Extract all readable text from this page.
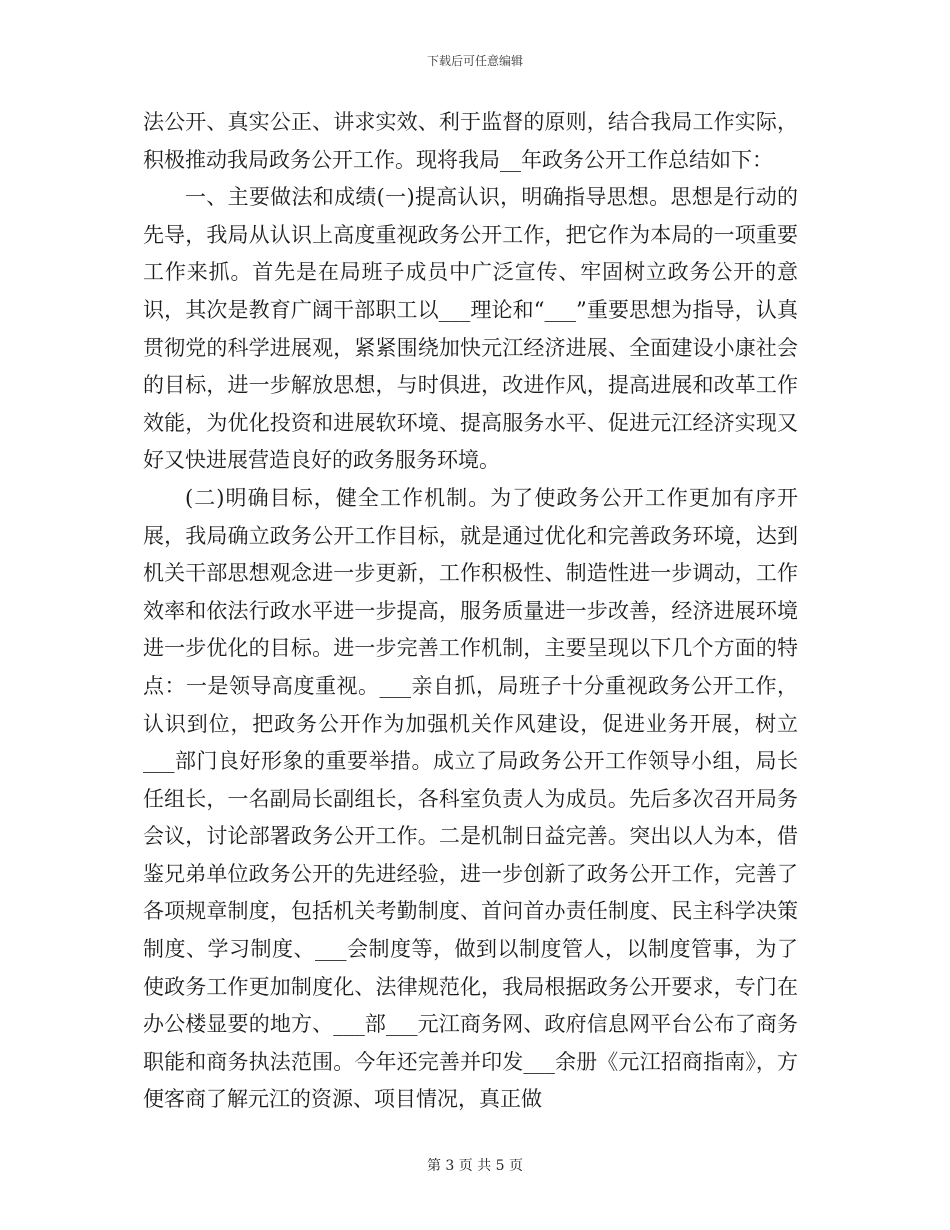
下载后可任意编辑

法公开、真实公正、讲求实效、利于监督的原则，结合我局工作实际，积极推动我局政务公开工作。现将我局__年政务公开工作总结如下：

一、主要做法和成绩(一)提高认识，明确指导思想。思想是行动的先导，我局从认识上高度重视政务公开工作，把它作为本局的一项重要工作来抓。首先是在局班子成员中广泛宣传、牢固树立政务公开的意识，其次是教育广阔干部职工以___理论和“___”重要思想为指导，认真贯彻党的科学进展观，紧紧围绕加快元江经济进展、全面建设小康社会的目标，进一步解放思想，与时俱进，改进作风，提高进展和改革工作效能，为优化投资和进展软环境、提高服务水平、促进元江经济实现又好又快进展营造良好的政务服务环境。

(二)明确目标，健全工作机制。为了使政务公开工作更加有序开展，我局确立政务公开工作目标，就是通过优化和完善政务环境，达到机关干部思想观念进一步更新，工作积极性、制造性进一步调动，工作效率和依法行政水平进一步提高，服务质量进一步改善，经济进展环境进一步优化的目标。进一步完善工作机制，主要呈现以下几个方面的特点：一是领导高度重视。___亲自抓，局班子十分重视政务公开工作，认识到位，把政务公开作为加强机关作风建设，促进业务开展，树立___部门良好形象的重要举措。成立了局政务公开工作领导小组，局长任组长，一名副局长副组长，各科室负责人为成员。先后多次召开局务会议，讨论部署政务公开工作。二是机制日益完善。突出以人为本，借鉴兄弟单位政务公开的先进经验，进一步创新了政务公开工作，完善了各项规章制度，包括机关考勤制度、首问首办责任制度、民主科学决策制度、学习制度、___会制度等，做到以制度管人，以制度管事，为了使政务工作更加制度化、法律规范化，我局根据政务公开要求，专门在办公楼显要的地方、___部___元江商务网、政府信息网平台公布了商务职能和商务执法范围。今年还完善并印发___余册《元江招商指南》，方便客商了解元江的资源、项目情况，真正做

第 3 页 共 5 页
